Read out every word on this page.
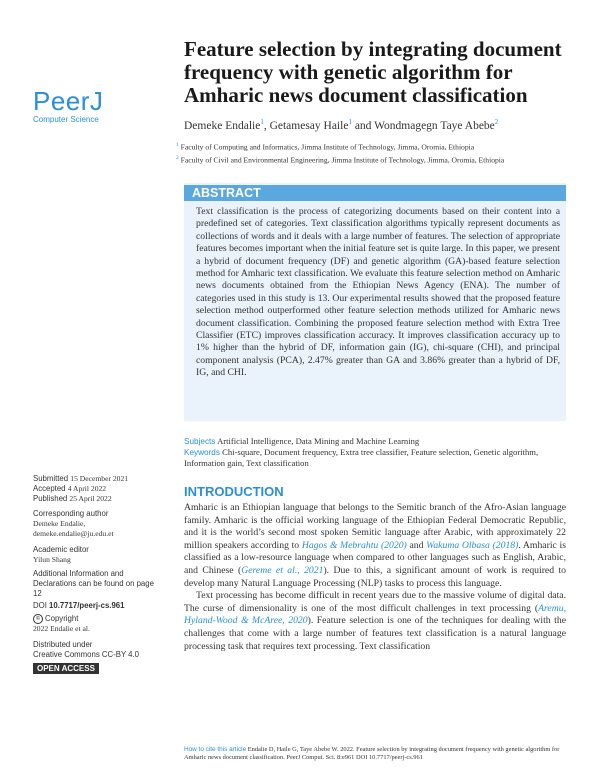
PeerJ
Computer Science
Feature selection by integrating document frequency with genetic algorithm for Amharic news document classification
Demeke Endalie$^1$, Getamesay Haile$^1$ and Wondmagegn Taye Abebe$^2$
$^1$ Faculty of Computing and Informatics, Jimma Institute of Technology, Jimma, Oromia, Ethiopia
$^2$ Faculty of Civil and Environmental Engineering, Jimma Institute of Technology, Jimma, Oromia, Ethiopia
ABSTRACT
Text classification is the process of categorizing documents based on their content into a predefined set of categories. Text classification algorithms typically represent documents as collections of words and it deals with a large number of features. The selection of appropriate features becomes important when the initial feature set is quite large. In this paper, we present a hybrid of document frequency (DF) and genetic algorithm (GA)-based feature selection method for Amharic text classification. We evaluate this feature selection method on Amharic news documents obtained from the Ethiopian News Agency (ENA). The number of categories used in this study is 13. Our experimental results showed that the proposed feature selection method outperformed other feature selection methods utilized for Amharic news document classification. Combining the proposed feature selection method with Extra Tree Classifier (ETC) improves classification accuracy. It improves classification accuracy up to 1% higher than the hybrid of DF, information gain (IG), chi-square (CHI), and principal component analysis (PCA), 2.47% greater than GA and 3.86% greater than a hybrid of DF, IG, and CHI.
Subjects Artificial Intelligence, Data Mining and Machine Learning
Keywords Chi-square, Document frequency, Extra tree classifier, Feature selection, Genetic algorithm, Information gain, Text classification
Submitted 15 December 2021
Accepted 4 April 2022
Published 25 April 2022
Corresponding author
Demeke Endalie,
demeke.endalie@ju.edu.et
Academic editor
Yilun Shang
Additional Information and Declarations can be found on page 12
DOI 10.7717/peerj-cs.961
© Copyright
2022 Endalie et al.
Distributed under
Creative Commons CC-BY 4.0
OPEN ACCESS
INTRODUCTION

Amharic is an Ethiopian language that belongs to the Semitic branch of the Afro-Asian language family. Amharic is the official working language of the Ethiopian Federal Democratic Republic, and it is the world’s second most spoken Semitic language after Arabic, with approximately 22 million speakers according to Hagos & Mebrahtu (2020) and Wakuma Olbasa (2018). Amharic is classified as a low-resource language when compared to other languages such as English, Arabic, and Chinese (Gereme et al., 2021). Due to this, a significant amount of work is required to develop many Natural Language Processing (NLP) tasks to process this language.

Text processing has become difficult in recent years due to the massive volume of digital data. The curse of dimensionality is one of the most difficult challenges in text processing (Aremu, Hyland-Wood & McAree, 2020). Feature selection is one of the techniques for dealing with the challenges that come with a large number of features text classification is a natural language processing task that requires text processing. Text classification

How to cite this article Endalie D, Haile G, Taye Abebe W. 2022. Feature selection by integrating document frequency with genetic algorithm for Amharic news document classification. PeerJ Comput. Sci. 8:e961 DOI 10.7717/peerj-cs.961
